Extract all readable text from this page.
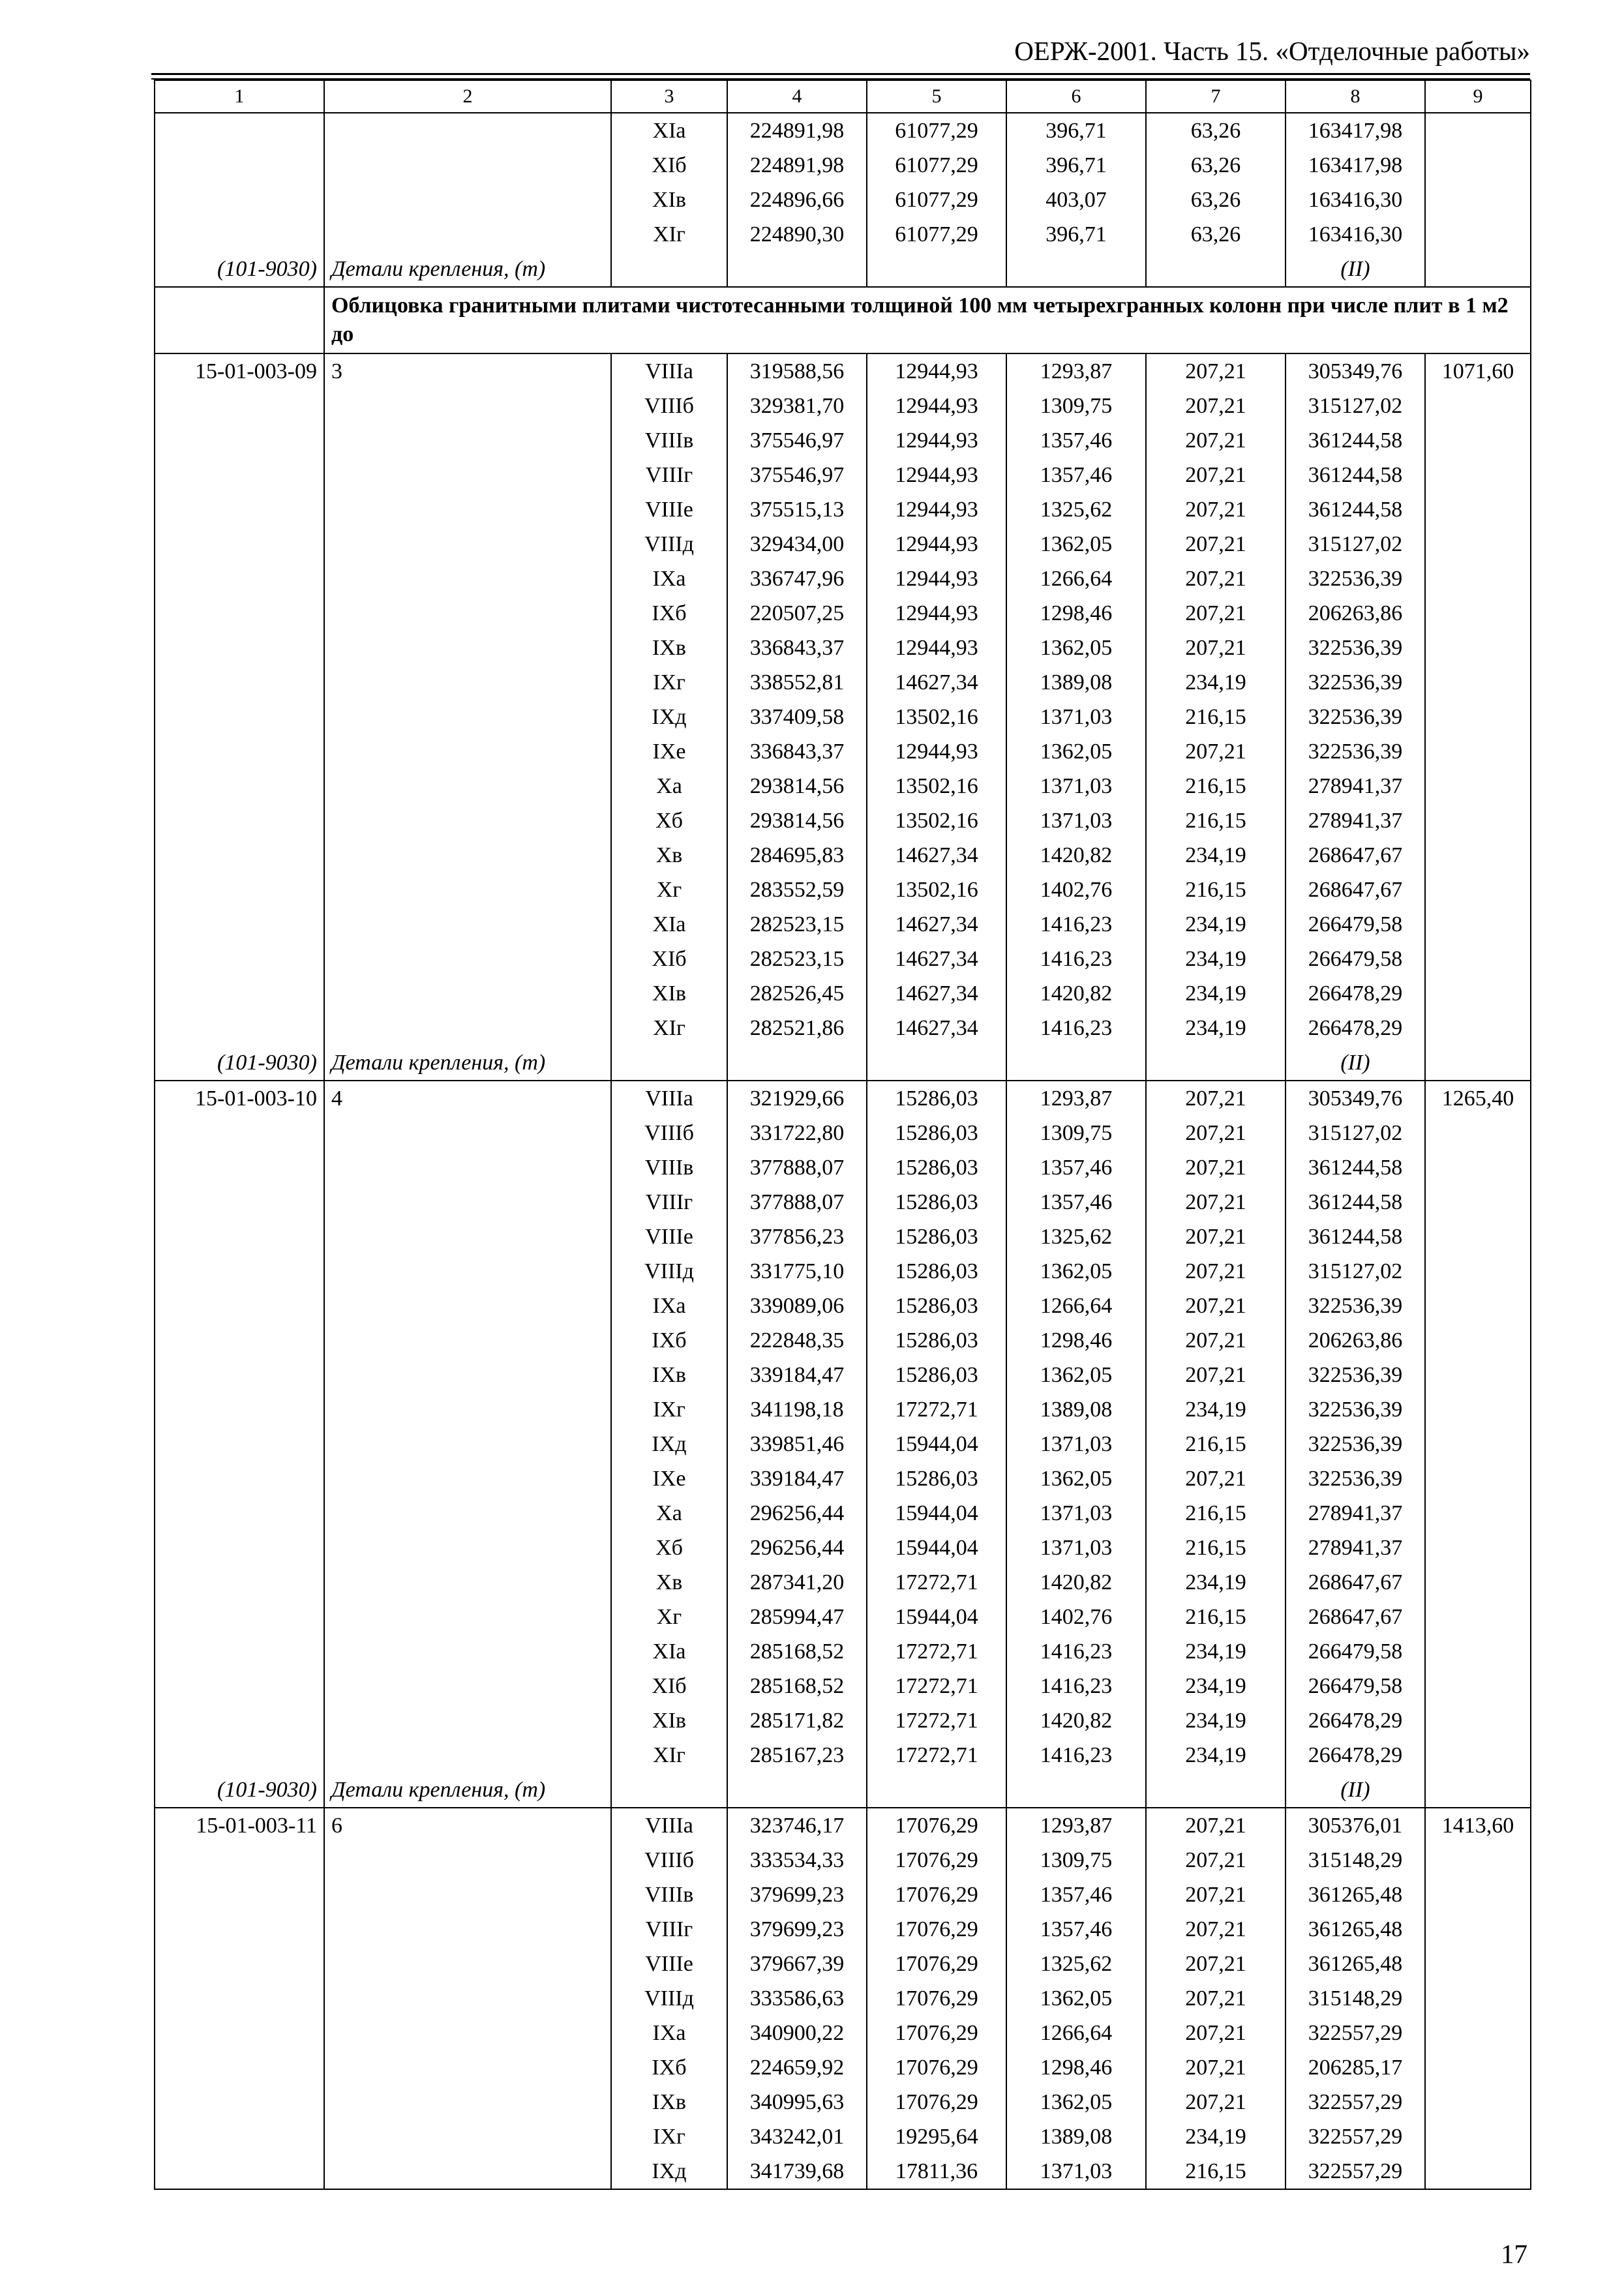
ОЕРЖ-2001. Часть 15. «Отделочные работы»
1	2	3	4	5	6	7	8	9
		XIа	224891,98	61077,29	396,71	63,26	163417,98	
		XIб	224891,98	61077,29	396,71	63,26	163417,98	
		XIв	224896,66	61077,29	403,07	63,26	163416,30	
		XIг	224890,30	61077,29	396,71	63,26	163416,30	
(101-9030)	Детали крепления, (т)						(II)	
	Облицовка гранитными плитами чистотесанными толщиной 100 мм четырехгранных колонн при числе плит в 1 м2 до							
15-01-003-09	3	VIIIа	319588,56	12944,93	1293,87	207,21	305349,76	1071,60
		VIIIб	329381,70	12944,93	1309,75	207,21	315127,02	
		VIIIв	375546,97	12944,93	1357,46	207,21	361244,58	
		VIIIг	375546,97	12944,93	1357,46	207,21	361244,58	
		VIIIе	375515,13	12944,93	1325,62	207,21	361244,58	
		VIIIд	329434,00	12944,93	1362,05	207,21	315127,02	
		IXа	336747,96	12944,93	1266,64	207,21	322536,39	
		IXб	220507,25	12944,93	1298,46	207,21	206263,86	
		IXв	336843,37	12944,93	1362,05	207,21	322536,39	
		IXг	338552,81	14627,34	1389,08	234,19	322536,39	
		IXд	337409,58	13502,16	1371,03	216,15	322536,39	
		IXе	336843,37	12944,93	1362,05	207,21	322536,39	
		Xа	293814,56	13502,16	1371,03	216,15	278941,37	
		Xб	293814,56	13502,16	1371,03	216,15	278941,37	
		Xв	284695,83	14627,34	1420,82	234,19	268647,67	
		Xг	283552,59	13502,16	1402,76	216,15	268647,67	
		XIа	282523,15	14627,34	1416,23	234,19	266479,58	
		XIб	282523,15	14627,34	1416,23	234,19	266479,58	
		XIв	282526,45	14627,34	1420,82	234,19	266478,29	
		XIг	282521,86	14627,34	1416,23	234,19	266478,29	
(101-9030)	Детали крепления, (т)						(II)	
15-01-003-10	4	VIIIа	321929,66	15286,03	1293,87	207,21	305349,76	1265,40
		VIIIб	331722,80	15286,03	1309,75	207,21	315127,02	
		VIIIв	377888,07	15286,03	1357,46	207,21	361244,58	
		VIIIг	377888,07	15286,03	1357,46	207,21	361244,58	
		VIIIе	377856,23	15286,03	1325,62	207,21	361244,58	
		VIIIд	331775,10	15286,03	1362,05	207,21	315127,02	
		IXа	339089,06	15286,03	1266,64	207,21	322536,39	
		IXб	222848,35	15286,03	1298,46	207,21	206263,86	
		IXв	339184,47	15286,03	1362,05	207,21	322536,39	
		IXг	341198,18	17272,71	1389,08	234,19	322536,39	
		IXд	339851,46	15944,04	1371,03	216,15	322536,39	
		IXе	339184,47	15286,03	1362,05	207,21	322536,39	
		Xа	296256,44	15944,04	1371,03	216,15	278941,37	
		Xб	296256,44	15944,04	1371,03	216,15	278941,37	
		Xв	287341,20	17272,71	1420,82	234,19	268647,67	
		Xг	285994,47	15944,04	1402,76	216,15	268647,67	
		XIа	285168,52	17272,71	1416,23	234,19	266479,58	
		XIб	285168,52	17272,71	1416,23	234,19	266479,58	
		XIв	285171,82	17272,71	1420,82	234,19	266478,29	
		XIг	285167,23	17272,71	1416,23	234,19	266478,29	
(101-9030)	Детали крепления, (т)						(II)	
15-01-003-11	6	VIIIа	323746,17	17076,29	1293,87	207,21	305376,01	1413,60
		VIIIб	333534,33	17076,29	1309,75	207,21	315148,29	
		VIIIв	379699,23	17076,29	1357,46	207,21	361265,48	
		VIIIг	379699,23	17076,29	1357,46	207,21	361265,48	
		VIIIе	379667,39	17076,29	1325,62	207,21	361265,48	
		VIIIд	333586,63	17076,29	1362,05	207,21	315148,29	
		IXа	340900,22	17076,29	1266,64	207,21	322557,29	
		IXб	224659,92	17076,29	1298,46	207,21	206285,17	
		IXв	340995,63	17076,29	1362,05	207,21	322557,29	
		IXг	343242,01	19295,64	1389,08	234,19	322557,29	
		IXд	341739,68	17811,36	1371,03	216,15	322557,29	
17
